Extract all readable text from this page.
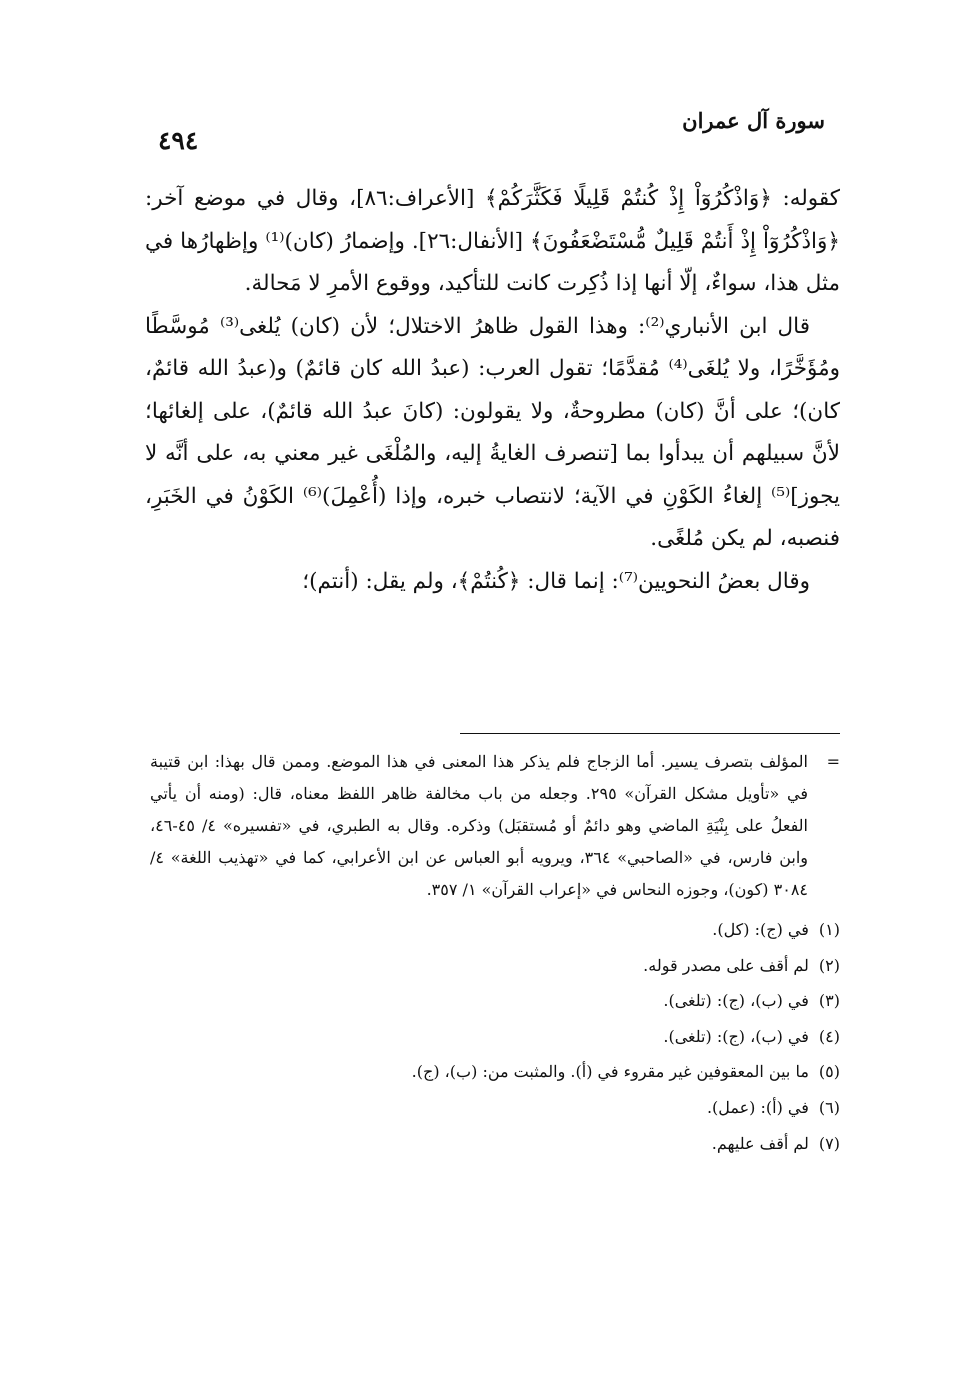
٤٩٤
سورة آل عمران

كقوله: ﴿وَاذْكُرُوٓاْ إِذْ كُنتُمْ قَلِيلًا فَكَثَّرَكُمْ﴾ [الأعراف:٨٦]، وقال في موضع آخر: ﴿وَاذْكُرُوٓاْ إِذْ أَنتُمْ قَلِيلٌ مُّسْتَضْعَفُونَ﴾ [الأنفال:٢٦]. وإضمارُ (كان)⁽¹⁾ وإظهارُها في مثل هذا، سواءٌ، إلّا أنها إذا ذُكِرت كانت للتأكيد، ووقوع الأمرِ لا مَحالة.

قال ابن الأنباري⁽²⁾: وهذا القول ظاهرُ الاختلال؛ لأن (كان) يُلغى⁽³⁾ مُوسَّطًا ومُؤَخَّرًا، ولا يُلغَى⁽⁴⁾ مُقدَّمًا؛ تقول العرب: (عبدُ الله كان قائمٌ) و(عبدُ الله قائمٌ، كان)؛ على أنَّ (كان) مطروحةٌ، ولا يقولون: (كانَ عبدُ الله قائمٌ)، على إلغائها؛ لأنَّ سبيلهم أن يبدأوا بما [تنصرف الغايةُ إليه، والمُلْغَى غير معني به، على أنَّه لا يجوز]⁽⁵⁾ إلغاءُ الكَوْنِ في الآية؛ لانتصاب خبره، وإذا (أُعْمِلَ)⁽⁶⁾ الكَوْنُ في الخَبَرِ، فنصبه، لم يكن مُلغًى.

وقال بعضُ النحويين⁽⁷⁾: إنما قال: ﴿كُنتُمْ﴾، ولم يقل: (أنتم)؛

=
المؤلف بتصرف يسير. أما الزجاج فلم يذكر هذا المعنى في هذا الموضع. وممن قال بهذا: ابن قتيبة في «تأويل مشكل القرآن» ٢٩٥. وجعله من باب مخالفة ظاهر اللفظ معناه، قال: (ومنه أن يأتي الفعلُ على بِنْيَةِ الماضي وهو دائمٌ أو مُستقبَل) وذكره. وقال به الطبري، في «تفسيره» ٤/ ٤٥-٤٦، وابن فارس، في «الصاحبي» ٣٦٤، ويرويه أبو العباس عن ابن الأعرابي، كما في «تهذيب اللغة» ٤/ ٣٠٨٤ (كون)، وجوزه النحاس في «إعراب القرآن» ١/ ٣٥٧.
(١)في (ج): (كل).
(٢)لم أقف على مصدر قوله.
(٣)في (ب)، (ج): (تلغى).
(٤)في (ب)، (ج): (تلغى).
(٥)ما بين المعقوفين غير مقروء في (أ). والمثبت من: (ب)، (ج).
(٦)في (أ): (عمل).
(٧)لم أقف عليهم.
